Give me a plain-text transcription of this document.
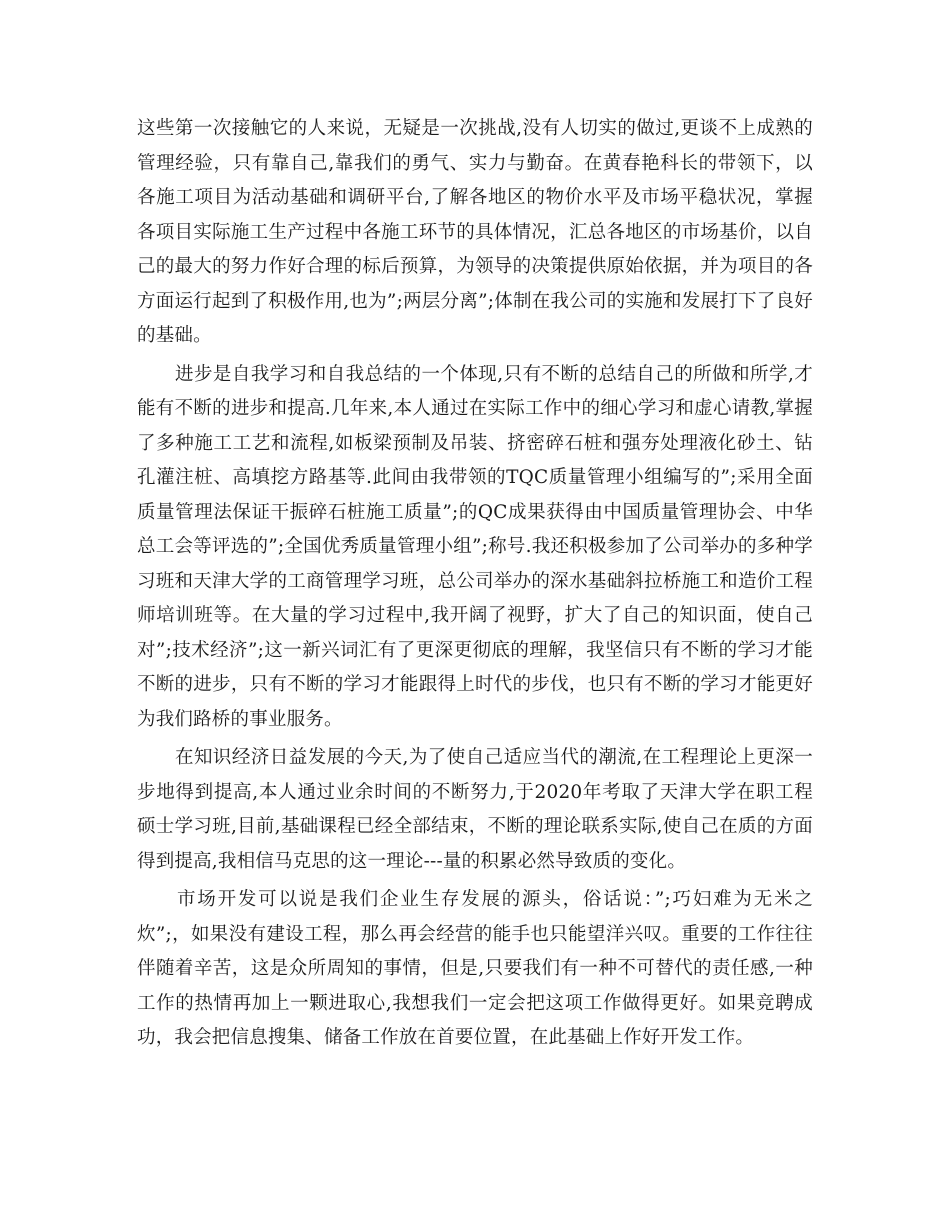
这些第一次接触它的人来说，无疑是一次挑战,没有人切实的做过,更谈不上成熟的管理经验，只有靠自己,靠我们的勇气、实力与勤奋。在黄春艳科长的带领下，以各施工项目为活动基础和调研平台,了解各地区的物价水平及市场平稳状况，掌握各项目实际施工生产过程中各施工环节的具体情况，汇总各地区的市场基价，以自己的最大的努力作好合理的标后预算，为领导的决策提供原始依据，并为项目的各方面运行起到了积极作用,也为”;两层分离”;体制在我公司的实施和发展打下了良好的基础。

进步是自我学习和自我总结的一个体现,只有不断的总结自己的所做和所学,才能有不断的进步和提高.几年来,本人通过在实际工作中的细心学习和虚心请教,掌握了多种施工工艺和流程,如板梁预制及吊装、挤密碎石桩和强夯处理液化砂土、钻孔灌注桩、高填挖方路基等.此间由我带领的TQC质量管理小组编写的”;采用全面质量管理法保证干振碎石桩施工质量”;的QC成果获得由中国质量管理协会、中华总工会等评选的”;全国优秀质量管理小组”;称号.我还积极参加了公司举办的多种学习班和天津大学的工商管理学习班，总公司举办的深水基础斜拉桥施工和造价工程师培训班等。在大量的学习过程中,我开阔了视野，扩大了自己的知识面，使自己对”;技术经济”;这一新兴词汇有了更深更彻底的理解，我坚信只有不断的学习才能不断的进步，只有不断的学习才能跟得上时代的步伐，也只有不断的学习才能更好为我们路桥的事业服务。

在知识经济日益发展的今天,为了使自己适应当代的潮流,在工程理论上更深一步地得到提高,本人通过业余时间的不断努力,于2020年考取了天津大学在职工程硕士学习班,目前,基础课程已经全部结束，不断的理论联系实际,使自己在质的方面得到提高,我相信马克思的这一理论---量的积累必然导致质的变化。

市场开发可以说是我们企业生存发展的源头，俗话说：”;巧妇难为无米之炊”;，如果没有建设工程，那么再会经营的能手也只能望洋兴叹。重要的工作往往伴随着辛苦，这是众所周知的事情，但是,只要我们有一种不可替代的责任感,一种工作的热情再加上一颗进取心,我想我们一定会把这项工作做得更好。如果竞聘成功，我会把信息搜集、储备工作放在首要位置，在此基础上作好开发工作。
